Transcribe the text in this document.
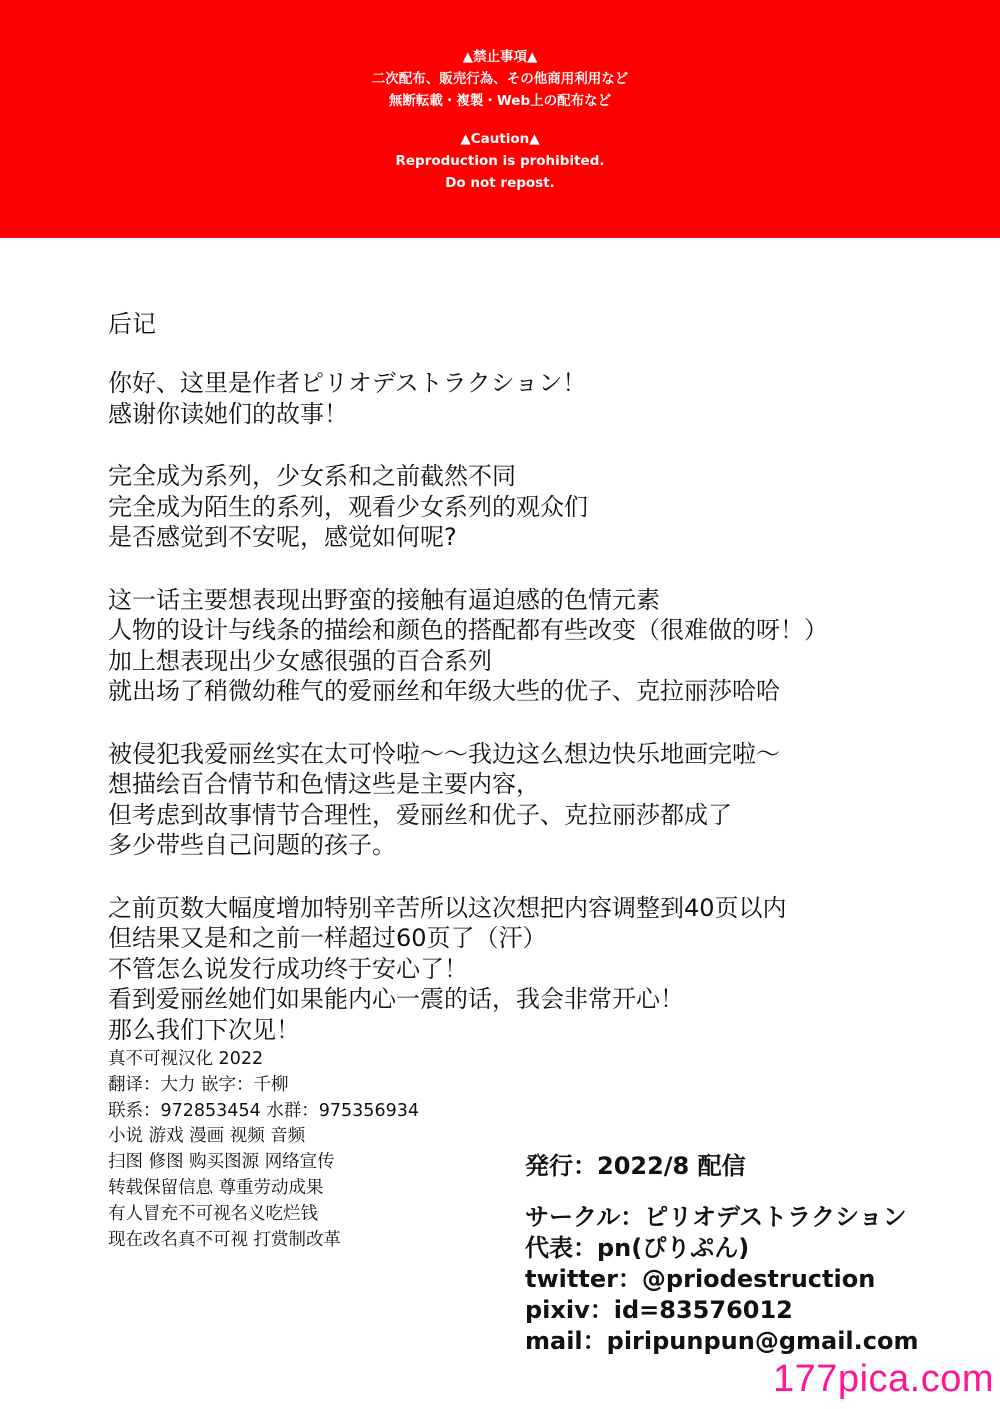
▲禁止事項▲
二次配布、販売行為、その他商用利用など
無断転載・複製・Web上の配布など
▲Caution▲
Reproduction is prohibited.
Do not repost.
后记
你好、这里是作者ピリオデストラクション！
感谢你读她们的故事！
完全成为系列，少女系和之前截然不同
完全成为陌生的系列，观看少女系列的观众们
是否感觉到不安呢，感觉如何呢?
这一话主要想表现出野蛮的接触有逼迫感的色情元素
人物的设计与线条的描绘和颜色的搭配都有些改变（很难做的呀！）
加上想表现出少女感很强的百合系列
就出场了稍微幼稚气的爱丽丝和年级大些的优子、克拉丽莎哈哈
被侵犯我爱丽丝实在太可怜啦～～我边这么想边快乐地画完啦～
想描绘百合情节和色情这些是主要内容，
但考虑到故事情节合理性，爱丽丝和优子、克拉丽莎都成了
多少带些自己问题的孩子。
之前页数大幅度增加特别辛苦所以这次想把内容调整到40页以内
但结果又是和之前一样超过60页了（汗）
不管怎么说发行成功终于安心了！
看到爱丽丝她们如果能内心一震的话，我会非常开心！
那么我们下次见！
真不可视汉化 2022
翻译：大力 嵌字：千柳
联系：972853454 水群：975356934
小说 游戏 漫画 视频 音频
扫图 修图 购买图源 网络宣传
转载保留信息 尊重劳动成果
有人冒充不可视名义吃烂钱
现在改名真不可视 打赏制改革
発行：2022/8 配信
サークル：ピリオデストラクション
代表：pn(ぴりぷん)
twitter：@priodestruction
pixiv：id=83576012
mail：piripunpun@gmail.com
177pica.com
